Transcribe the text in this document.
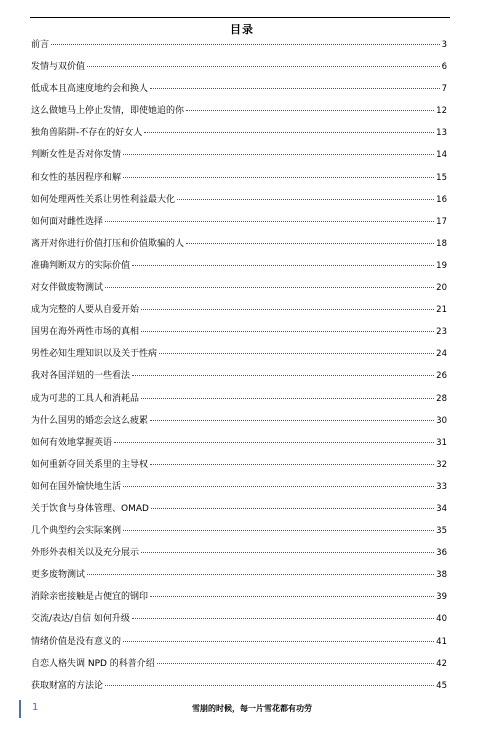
目录
前言	3
发情与双价值	6
低成本且高速度地约会和换人	7
这么做她马上停止发情，即使她追的你	12
独角兽陷阱-不存在的好女人	13
判断女性是否对你发情	14
和女性的基因程序和解	15
如何处理两性关系让男性利益最大化	16
如何面对雌性选择	17
离开对你进行价值打压和价值欺骗的人	18
准确判断双方的实际价值	19
对女伴做废物测试	20
成为完整的人要从自爱开始	21
国男在海外两性市场的真相	23
男性必知生理知识以及关于性病	24
我对各国洋妞的一些看法	26
成为可悲的工具人和消耗品	28
为什么国男的婚恋会这么疲累	30
如何有效地掌握英语	31
如何重新夺回关系里的主导权	32
如何在国外愉快地生活	33
关于饮食与身体管理、OMAD	34
几个典型约会实际案例	35
外形外表相关以及充分展示	36
更多废物测试	38
消除亲密接触是占便宜的钢印	39
交流/表达/自信 如何升级	40
情绪价值是没有意义的	41
自恋人格失调 NPD 的科普介绍	42
获取财富的方法论	45
1	雪崩的时候，每一片雪花都有功劳
